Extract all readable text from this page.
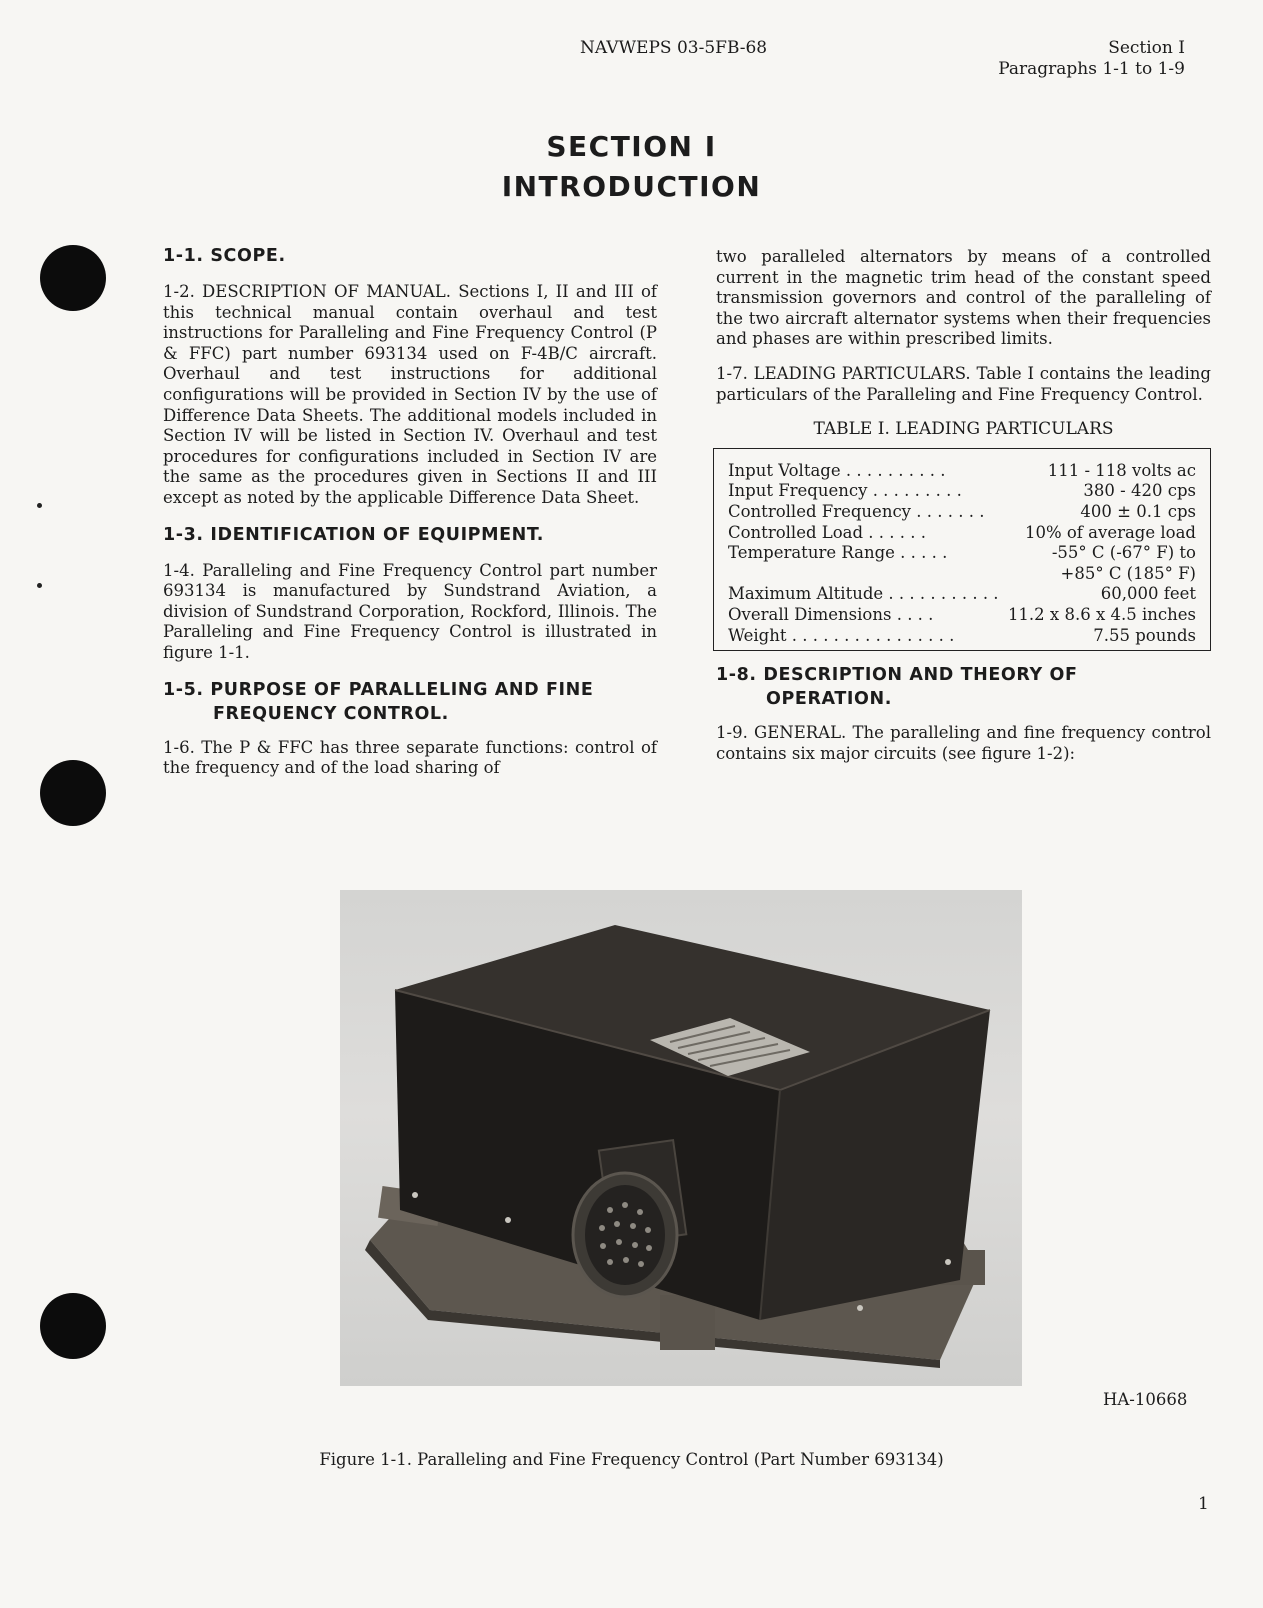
NAVWEPS 03-5FB-68	Section I
Paragraphs 1-1 to 1-9
SECTION I
INTRODUCTION
1-1. SCOPE.

1-2. DESCRIPTION OF MANUAL. Sections I, II and III of this technical manual contain overhaul and test instructions for Paralleling and Fine Frequency Control (P & FFC) part number 693134 used on F-4B/C aircraft. Overhaul and test instructions for additional configurations will be provided in Section IV by the use of Difference Data Sheets. The additional models included in Section IV will be listed in Section IV. Overhaul and test procedures for configurations included in Section IV are the same as the procedures given in Sections II and III except as noted by the applicable Difference Data Sheet.

1-3. IDENTIFICATION OF EQUIPMENT.

1-4. Paralleling and Fine Frequency Control part number 693134 is manufactured by Sundstrand Aviation, a division of Sundstrand Corporation, Rockford, Illinois. The Paralleling and Fine Frequency Control is illustrated in figure 1-1.

1-5. PURPOSE OF PARALLELING AND FINE
FREQUENCY CONTROL.

1-6. The P & FFC has three separate functions: control of the frequency and of the load sharing of

two paralleled alternators by means of a controlled current in the magnetic trim head of the constant speed transmission governors and control of the paralleling of the two aircraft alternator systems when their frequencies and phases are within prescribed limits.

1-7. LEADING PARTICULARS. Table I contains the leading particulars of the Paralleling and Fine Frequency Control.

TABLE I. LEADING PARTICULARS
Input Voltage . . . . . . . . . .	111 - 118 volts ac
Input Frequency . . . . . . . . .	380 - 420 cps
Controlled Frequency . . . . . . .	400 ± 0.1 cps
Controlled Load . . . . . .	10% of average load
Temperature Range . . . . .	-55° C (-67° F) to
+85° C (185° F)
Maximum Altitude . . . . . . . . . . .	60,000 feet
Overall Dimensions . . . .	11.2 x 8.6 x 4.5 inches
Weight . . . . . . . . . . . . . . . .	7.55 pounds
1-8. DESCRIPTION AND THEORY OF
OPERATION.

1-9. GENERAL. The paralleling and fine frequency control contains six major circuits (see figure 1-2):

HA-10668
Figure 1-1. Paralleling and Fine Frequency Control (Part Number 693134)
1
